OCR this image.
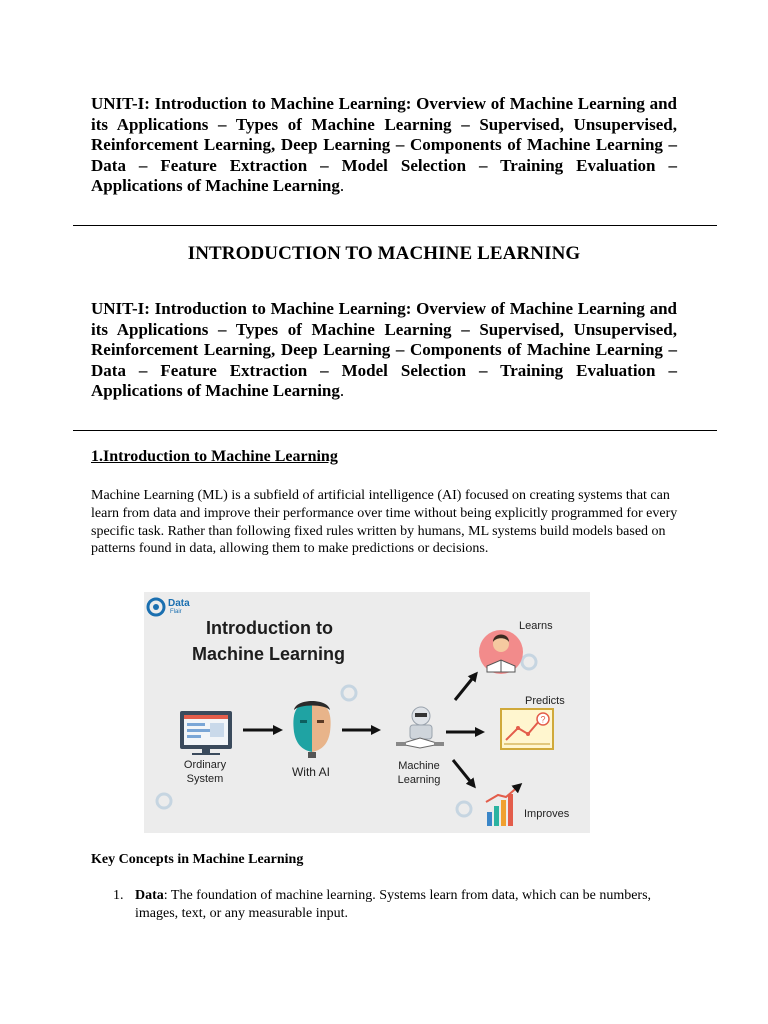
UNIT-I: Introduction to Machine Learning: Overview of Machine Learning and its Applications – Types of Machine Learning – Supervised, Unsupervised, Reinforcement Learning, Deep Learning – Components of Machine Learning – Data – Feature Extraction – Model Selection – Training Evaluation – Applications of Machine Learning.

INTRODUCTION TO MACHINE LEARNING

UNIT-I: Introduction to Machine Learning: Overview of Machine Learning and its Applications – Types of Machine Learning – Supervised, Unsupervised, Reinforcement Learning, Deep Learning – Components of Machine Learning – Data – Feature Extraction – Model Selection – Training Evaluation – Applications of Machine Learning.

1.Introduction to Machine Learning

Machine Learning (ML) is a subfield of artificial intelligence (AI) focused on creating systems that can learn from data and improve their performance over time without being explicitly programmed for every specific task. Rather than following fixed rules written by humans, ML systems build models based on patterns found in data, allowing them to make predictions or decisions.

Data
Flair
Introduction to
Machine Learning
Ordinary
System	With AI	Machine
Learning
Learns
Predicts
?
Improves
Key Concepts in Machine Learning
1. Data: The foundation of machine learning. Systems learn from data, which can be numbers, images, text, or any measurable input.
